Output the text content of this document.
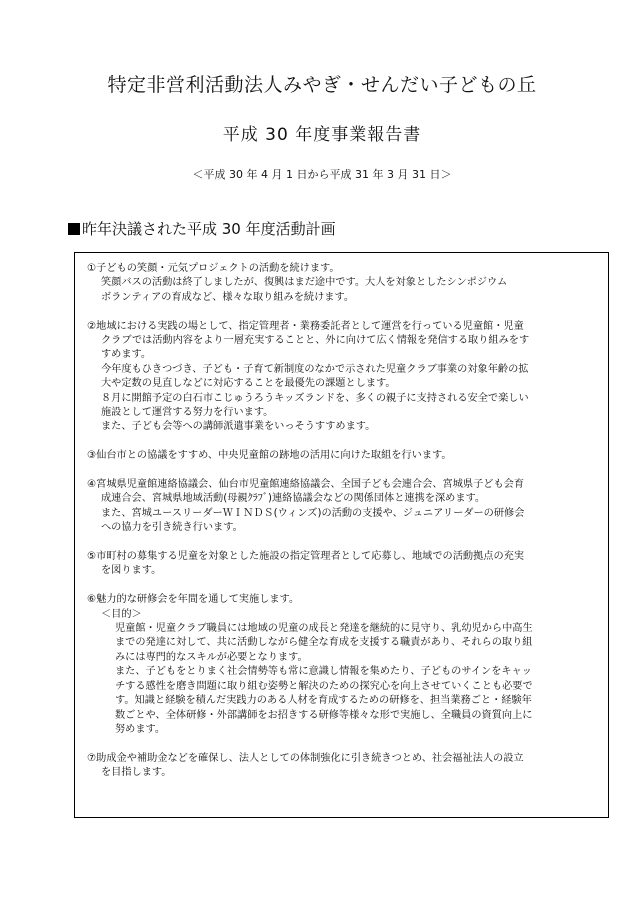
特定非営利活動法人みやぎ・せんだい子どもの丘
平成 30 年度事業報告書
＜平成 30 年 4 月 1 日から平成 31 年 3 月 31 日＞
昨年決議された平成 30 年度活動計画
①子どもの笑顔・元気プロジェクトの活動を続けます。
笑顔バスの活動は終了しましたが、復興はまだ途中です。大人を対象としたシンポジウム
ボランティアの育成など、様々な取り組みを続けます。
②地域における実践の場として、指定管理者・業務委託者として運営を行っている児童館・児童
クラブでは活動内容をより一層充実することと、外に向けて広く情報を発信する取り組みをす
すめます。
今年度もひきつづき、子ども・子育て新制度のなかで示された児童クラブ事業の対象年齢の拡
大や定数の見直しなどに対応することを最優先の課題とします。
８月に開館予定の白石市こじゅうろうキッズランドを、多くの親子に支持される安全で楽しい
施設として運営する努力を行います。
また、子ども会等への講師派遣事業をいっそうすすめます。
③仙台市との協議をすすめ、中央児童館の跡地の活用に向けた取組を行います。
④宮城県児童館連絡協議会、仙台市児童館連絡協議会、全国子ども会連合会、宮城県子ども会育
成連合会、宮城県地域活動(母親ｸﾗﾌﾞ)連絡協議会などの関係団体と連携を深めます。
また、宮城ユースリーダーＷＩＮＤＳ(ウィンズ)の活動の支援や、ジュニアリーダーの研修会
への協力を引き続き行います。
⑤市町村の募集する児童を対象とした施設の指定管理者として応募し、地域での活動拠点の充実
を図ります。
⑥魅力的な研修会を年間を通して実施します。
＜目的＞
児童館・児童クラブ職員には地域の児童の成長と発達を継続的に見守り、乳幼児から中高生
までの発達に対して、共に活動しながら健全な育成を支援する職責があり、それらの取り組
みには専門的なスキルが必要となります。
また、子どもをとりまく社会情勢等も常に意識し情報を集めたり、子どものサインをキャッ
チする感性を磨き問題に取り組む姿勢と解決のための探究心を向上させていくことも必要で
す。知識と経験を積んだ実践力のある人材を育成するための研修を、担当業務ごと・経験年
数ごとや、全体研修・外部講師をお招きする研修等様々な形で実施し、全職員の資質向上に
努めます。
⑦助成金や補助金などを確保し、法人としての体制強化に引き続きつとめ、社会福祉法人の設立
を目指します。
